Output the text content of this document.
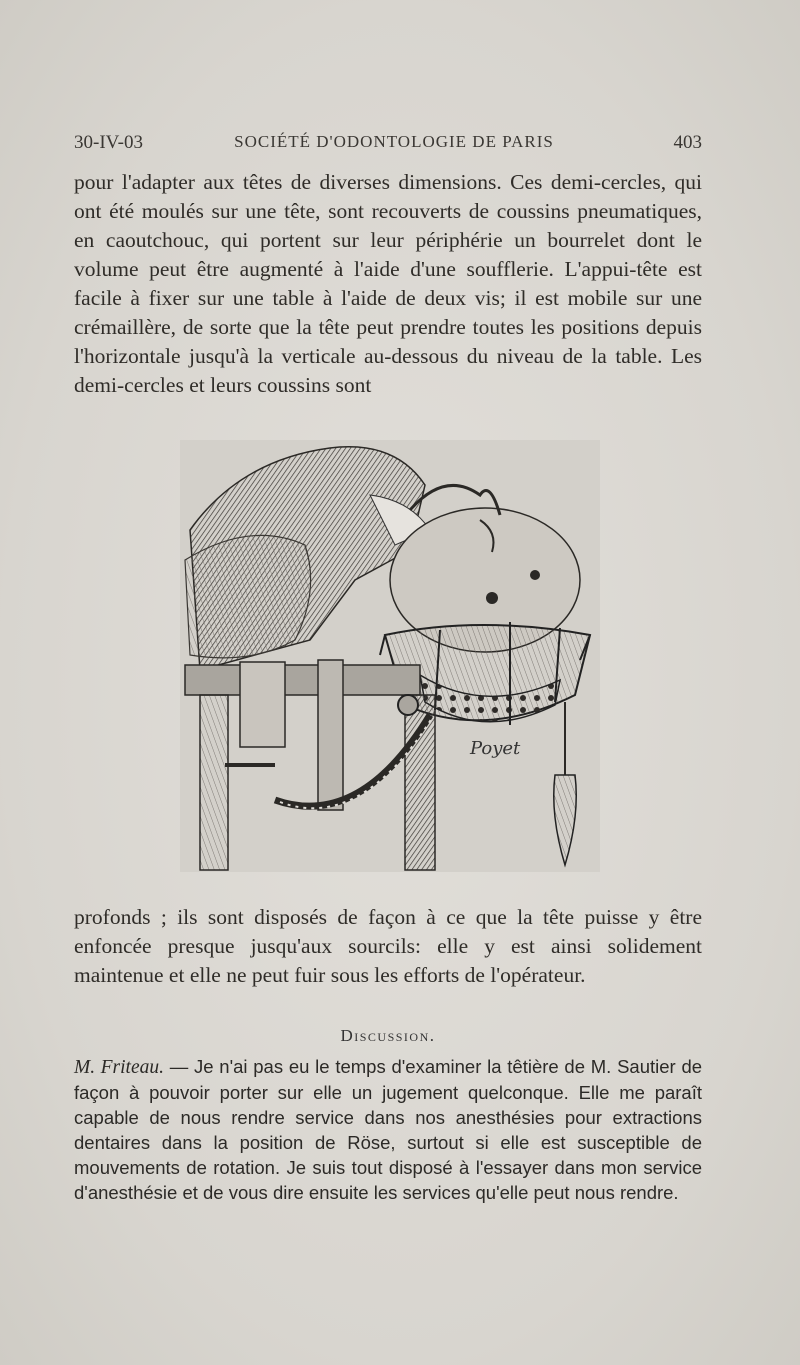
30-IV-03	SOCIÉTÉ D'ODONTOLOGIE DE PARIS	403
pour l'adapter aux têtes de diverses dimensions. Ces demi-cercles, qui ont été moulés sur une tête, sont recouverts de coussins pneumatiques, en caoutchouc, qui portent sur leur périphérie un bourrelet dont le volume peut être augmenté à l'aide d'une soufflerie. L'appui-tête est facile à fixer sur une table à l'aide de deux vis; il est mobile sur une crémaillère, de sorte que la tête peut prendre toutes les positions depuis l'horizontale jusqu'à la verticale au-dessous du niveau de la table. Les demi-cercles et leurs coussins sont
Poyet
profonds ; ils sont disposés de façon à ce que la tête puisse y être enfoncée presque jusqu'aux sourcils: elle y est ainsi solidement maintenue et elle ne peut fuir sous les efforts de l'opérateur.
Discussion.
M. Friteau. — Je n'ai pas eu le temps d'examiner la têtière de M. Sautier de façon à pouvoir porter sur elle un jugement quelconque. Elle me paraît capable de nous rendre service dans nos anesthésies pour extractions dentaires dans la position de Röse, surtout si elle est susceptible de mouvements de rotation. Je suis tout disposé à l'essayer dans mon service d'anesthésie et de vous dire ensuite les services qu'elle peut nous rendre.
